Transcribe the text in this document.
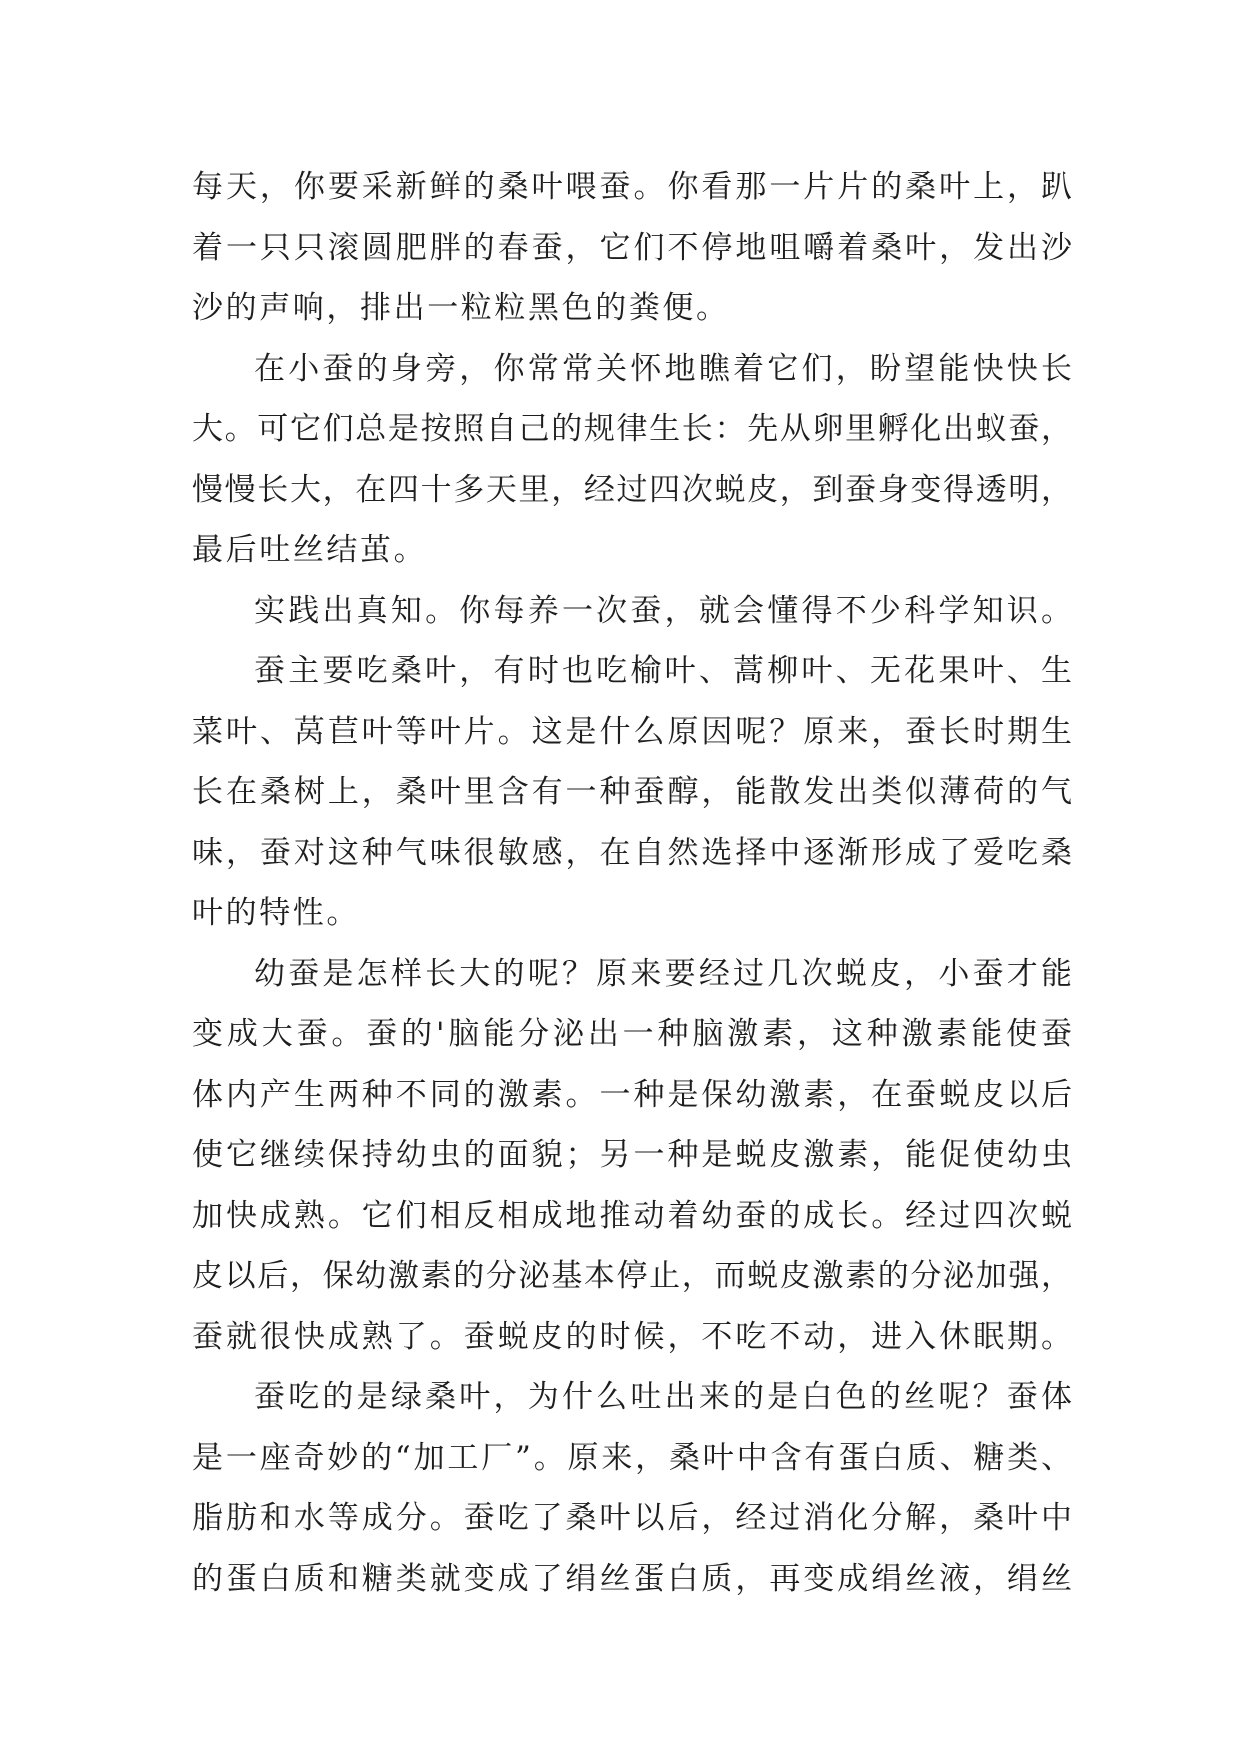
每天，你要采新鲜的桑叶喂蚕。你看那一片片的桑叶上，趴
着一只只滚圆肥胖的春蚕，它们不停地咀嚼着桑叶，发出沙
沙的声响，排出一粒粒黑色的粪便。
在小蚕的身旁，你常常关怀地瞧着它们，盼望能快快长
大。可它们总是按照自己的规律生长：先从卵里孵化出蚁蚕，
慢慢长大，在四十多天里，经过四次蜕皮，到蚕身变得透明，
最后吐丝结茧。
实践出真知。你每养一次蚕，就会懂得不少科学知识。
蚕主要吃桑叶，有时也吃榆叶、蒿柳叶、无花果叶、生
菜叶、莴苣叶等叶片。这是什么原因呢？原来，蚕长时期生
长在桑树上，桑叶里含有一种蚕醇，能散发出类似薄荷的气
味，蚕对这种气味很敏感，在自然选择中逐渐形成了爱吃桑
叶的特性。
幼蚕是怎样长大的呢？原来要经过几次蜕皮，小蚕才能
变成大蚕。蚕的'脑能分泌出一种脑激素，这种激素能使蚕
体内产生两种不同的激素。一种是保幼激素，在蚕蜕皮以后
使它继续保持幼虫的面貌；另一种是蜕皮激素，能促使幼虫
加快成熟。它们相反相成地推动着幼蚕的成长。经过四次蜕
皮以后，保幼激素的分泌基本停止，而蜕皮激素的分泌加强，
蚕就很快成熟了。蚕蜕皮的时候，不吃不动，进入休眠期。
蚕吃的是绿桑叶，为什么吐出来的是白色的丝呢？蚕体
是一座奇妙的“加工厂”。原来，桑叶中含有蛋白质、糖类、
脂肪和水等成分。蚕吃了桑叶以后，经过消化分解，桑叶中
的蛋白质和糖类就变成了绢丝蛋白质，再变成绢丝液，绢丝
